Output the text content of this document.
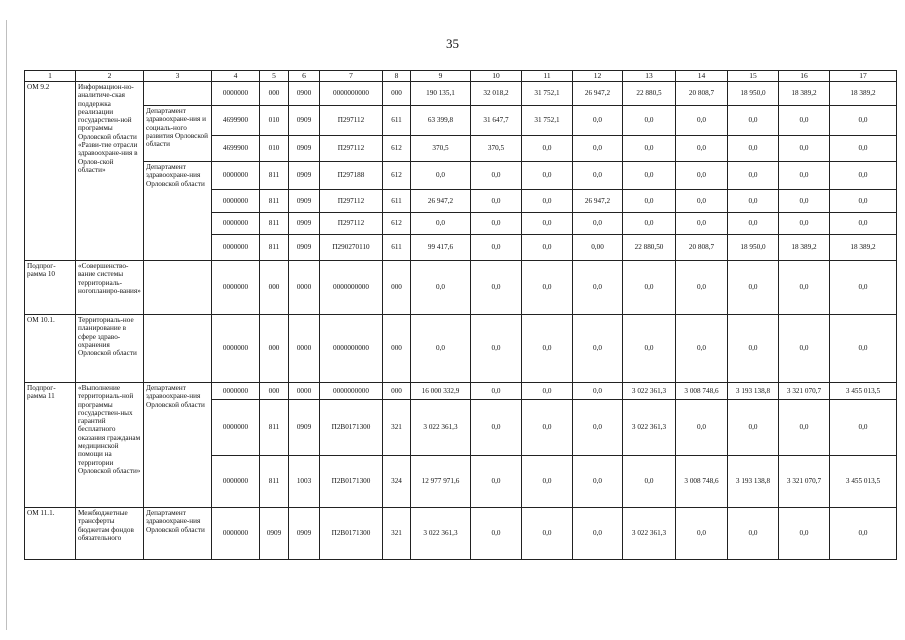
35
1	2	3	4	5	6	7	8	9	10	11	12	13	14	15	16	17
ОМ 9.2	Информацион-но-аналитиче-ская поддержка реализации государствен-ной программы Орловской области «Разви-тие отрасли здравоохране-ния в Орлов-ской области»		0000000	000	0900	0000000000	000	190 135,1	32 018,2	31 752,1	26 947,2	22 880,5	20 808,7	18 950,0	18 389,2	18 389,2
		Департамент здравоохране-ния и социаль-ного развития Орловской области	4699900	010	0909	П297112	611	63 399,8	31 647,7	31 752,1	0,0	0,0	0,0	0,0	0,0	0,0
			4699900	010	0909	П297112	612	370,5	370,5	0,0	0,0	0,0	0,0	0,0	0,0	0,0
		Департамент здравоохране-ния Орловской области	0000000	811	0909	П297188	612	0,0	0,0	0,0	0,0	0,0	0,0	0,0	0,0	0,0
			0000000	811	0909	П297112	611	26 947,2	0,0	0,0	26 947,2	0,0	0,0	0,0	0,0	0,0
			0000000	811	0909	П297112	612	0,0	0,0	0,0	0,0	0,0	0,0	0,0	0,0	0,0
			0000000	811	0909	П290270110	611	99 417,6	0,0	0,0	0,00	22 880,50	20 808,7	18 950,0	18 389,2	18 389,2
Подпрог-рамма 10	«Совершенство-вание системы территориаль-ногопланиро-вания»		0000000	000	0000	0000000000	000	0,0	0,0	0,0	0,0	0,0	0,0	0,0	0,0	0,0
ОМ 10.1.	Территориаль-ное планирование в сфере здраво-охранения Орловской области		0000000	000	0000	0000000000	000	0,0	0,0	0,0	0,0	0,0	0,0	0,0	0,0	0,0
Подпрог-рамма 11	«Выполнение территориаль-ной программы государствен-ных гарантий бесплатного оказания гражданам медицинской помощи на территории Орловской области»	Департамент здравоохране-ния Орловской области	0000000	000	0000	0000000000	000	16 000 332,9	0,0	0,0	0,0	3 022 361,3	3 008 748,6	3 193 138,8	3 321 070,7	3 455 013,5
			0000000	811	0909	П2В0171300	321	3 022 361,3	0,0	0,0	0,0	3 022 361,3	0,0	0,0	0,0	0,0
			0000000	811	1003	П2В0171300	324	12 977 971,6	0,0	0,0	0,0	0,0	3 008 748,6	3 193 138,8	3 321 070,7	3 455 013,5
ОМ 11.1.	Межбюджетные трансферты бюджетам фондов обязательного	Департамент здравоохране-ния Орловской области	0000000	0909	0909	П2В0171300	321	3 022 361,3	0,0	0,0	0,0	3 022 361,3	0,0	0,0	0,0	0,0
